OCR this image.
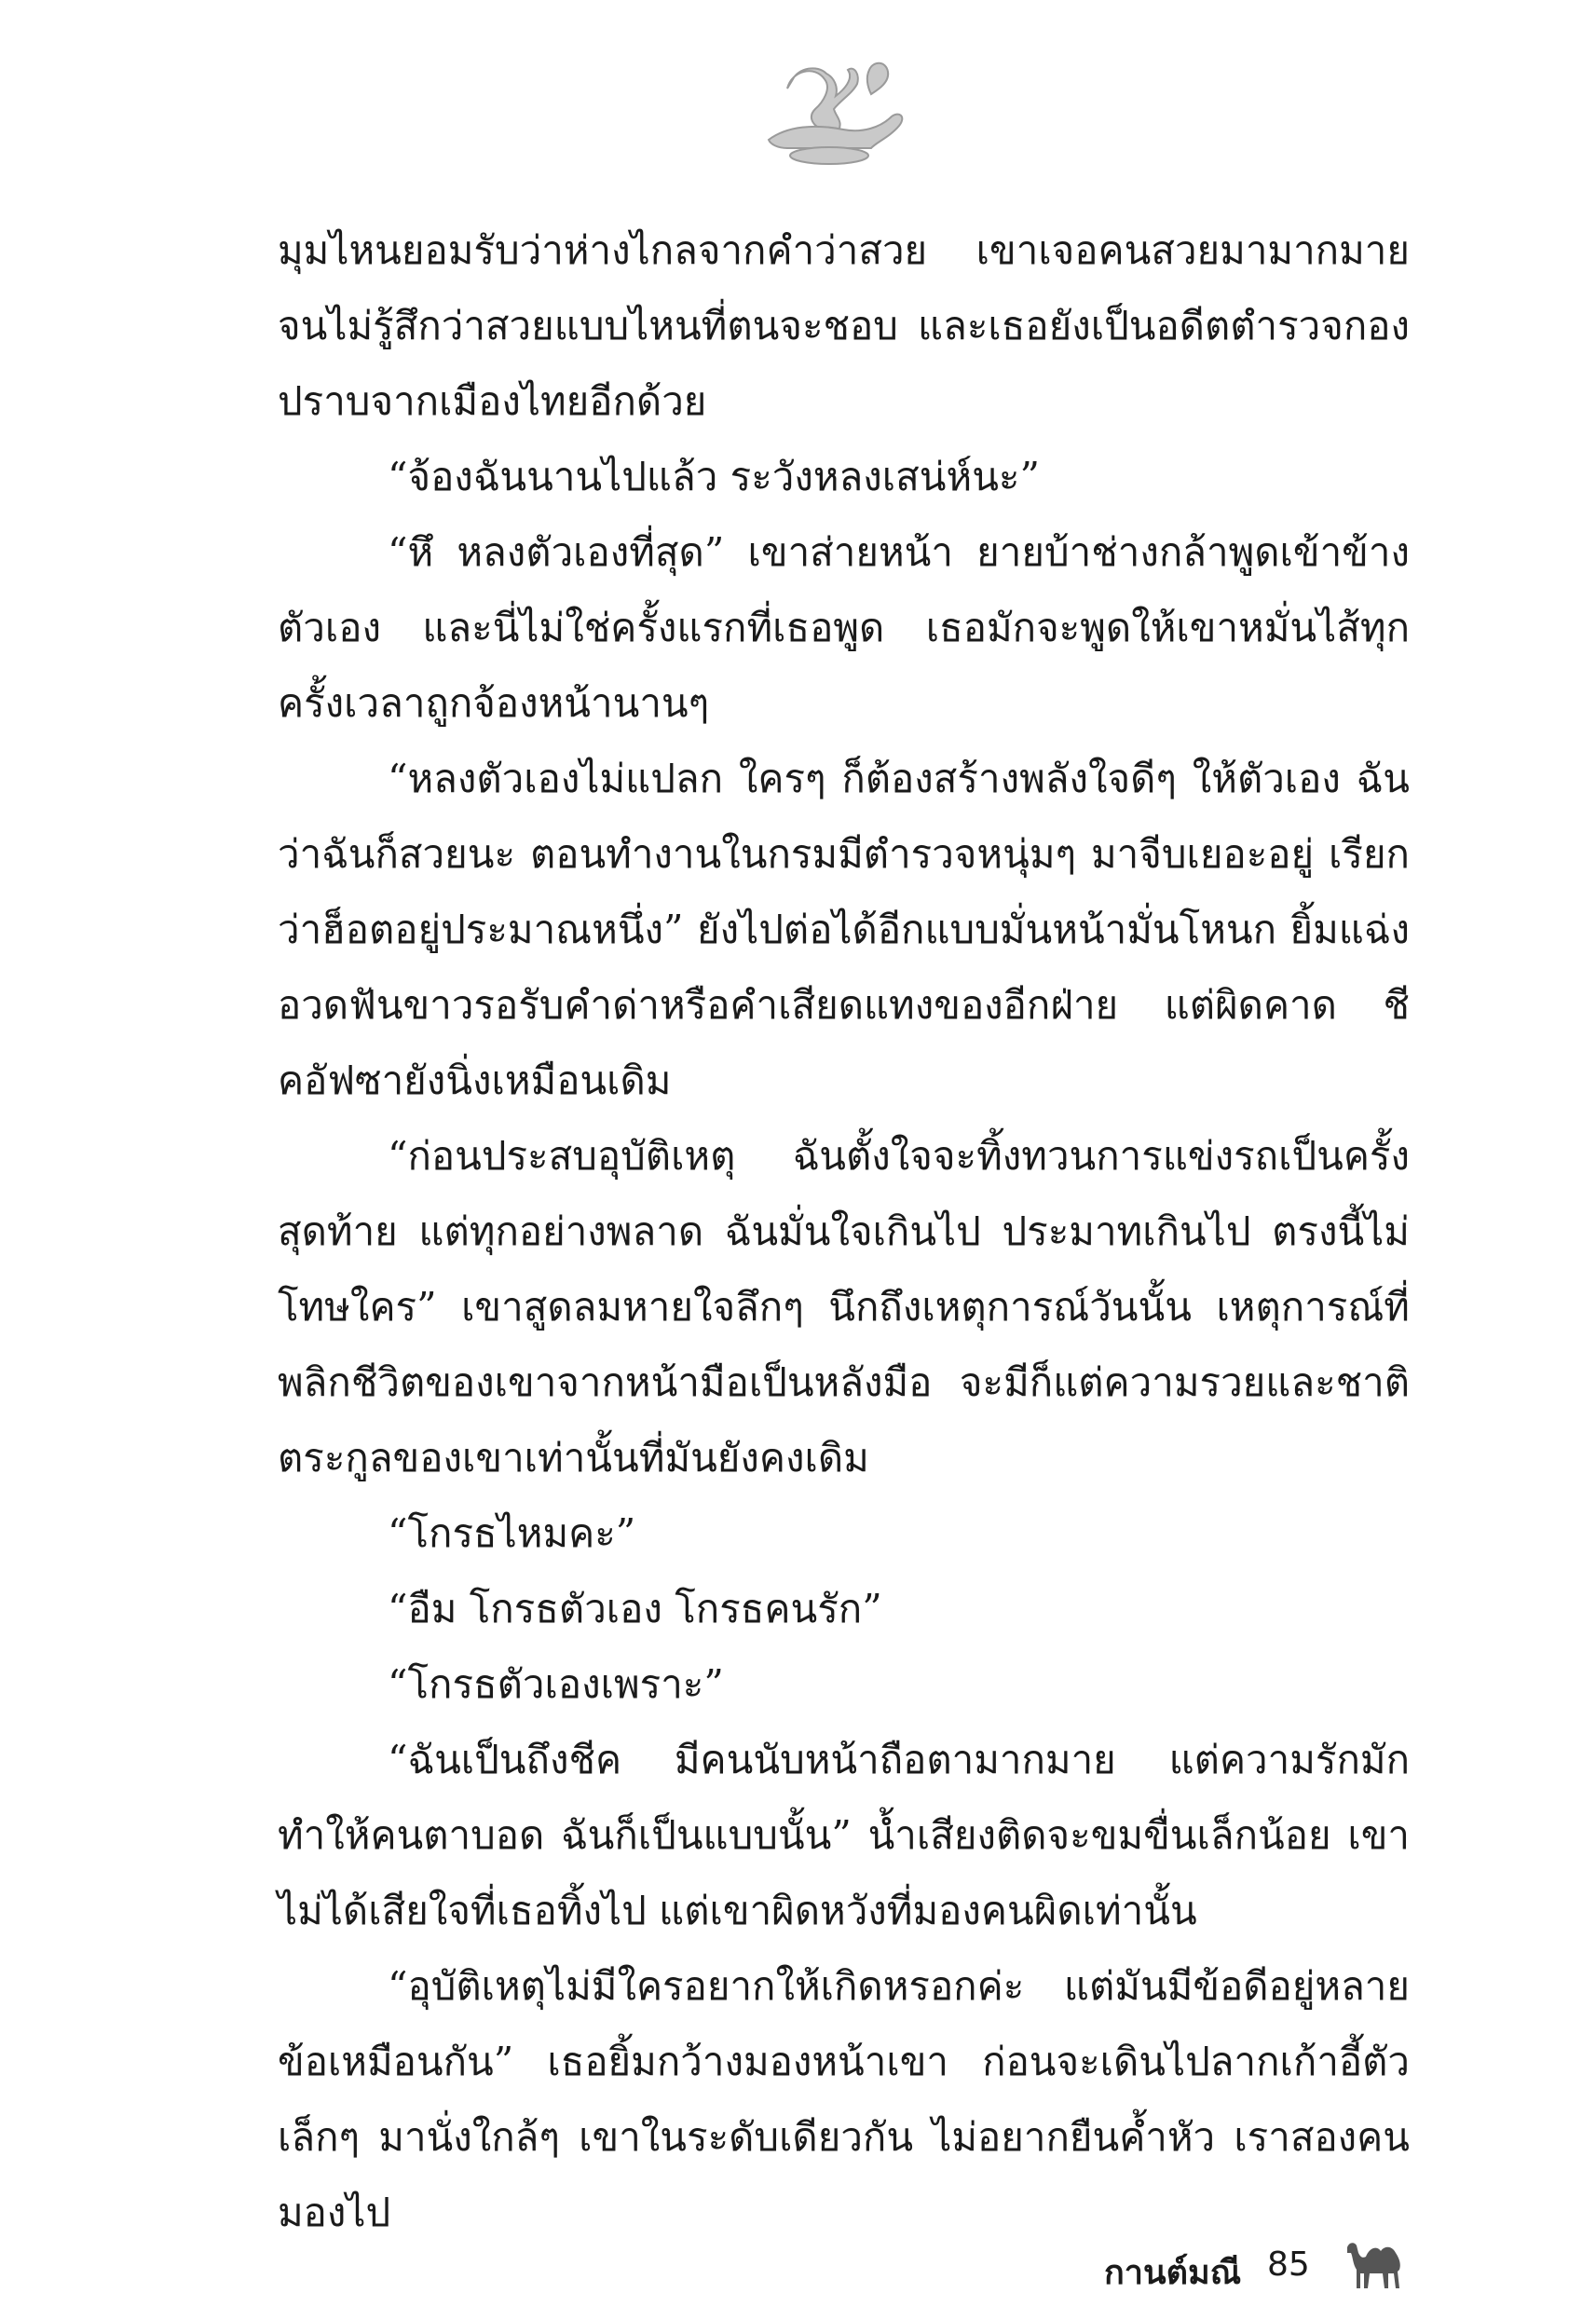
มุมไหนยอมรับว่าห่างไกลจากคำว่าสวย เขาเจอคนสวยมามากมาย จนไม่รู้สึกว่าสวยแบบไหนที่ตนจะชอบ และเธอยังเป็นอดีตตำรวจกองปราบจากเมืองไทยอีกด้วย

“จ้องฉันนานไปแล้ว ระวังหลงเสน่ห์นะ”

“หึ หลงตัวเองที่สุด” เขาส่ายหน้า ยายบ้าช่างกล้าพูดเข้าข้างตัวเอง และนี่ไม่ใช่ครั้งแรกที่เธอพูด เธอมักจะพูดให้เขาหมั่นไส้ทุกครั้งเวลาถูกจ้องหน้านานๆ

“หลงตัวเองไม่แปลก ใครๆ ก็ต้องสร้างพลังใจดีๆ ให้ตัวเอง ฉันว่าฉันก็สวยนะ ตอนทำงานในกรมมีตำรวจหนุ่มๆ มาจีบเยอะอยู่ เรียกว่าฮ็อตอยู่ประมาณหนึ่ง” ยังไปต่อได้อีกแบบมั่นหน้ามั่นโหนก ยิ้มแฉ่งอวดฟันขาวรอรับคำด่าหรือคำเสียดแทงของอีกฝ่าย แต่ผิดคาด ชีคอัฟซายังนิ่งเหมือนเดิม

“ก่อนประสบอุบัติเหตุ ฉันตั้งใจจะทิ้งทวนการแข่งรถเป็นครั้งสุดท้าย แต่ทุกอย่างพลาด ฉันมั่นใจเกินไป ประมาทเกินไป ตรงนี้ไม่โทษใคร” เขาสูดลมหายใจลึกๆ นึกถึงเหตุการณ์วันนั้น เหตุการณ์ที่พลิกชีวิตของเขาจากหน้ามือเป็นหลังมือ จะมีก็แต่ความรวยและชาติตระกูลของเขาเท่านั้นที่มันยังคงเดิม

“โกรธไหมคะ”

“อืม โกรธตัวเอง โกรธคนรัก”

“โกรธตัวเองเพราะ”

“ฉันเป็นถึงชีค มีคนนับหน้าถือตามากมาย แต่ความรักมักทำให้คนตาบอด ฉันก็เป็นแบบนั้น” น้ำเสียงติดจะขมขื่นเล็กน้อย เขาไม่ได้เสียใจที่เธอทิ้งไป แต่เขาผิดหวังที่มองคนผิดเท่านั้น

“อุบัติเหตุไม่มีใครอยากให้เกิดหรอกค่ะ แต่มันมีข้อดีอยู่หลายข้อเหมือนกัน” เธอยิ้มกว้างมองหน้าเขา ก่อนจะเดินไปลากเก้าอี้ตัวเล็กๆ มานั่งใกล้ๆ เขาในระดับเดียวกัน ไม่อยากยืนค้ำหัว เราสองคนมองไป

กานต์มณี 85
